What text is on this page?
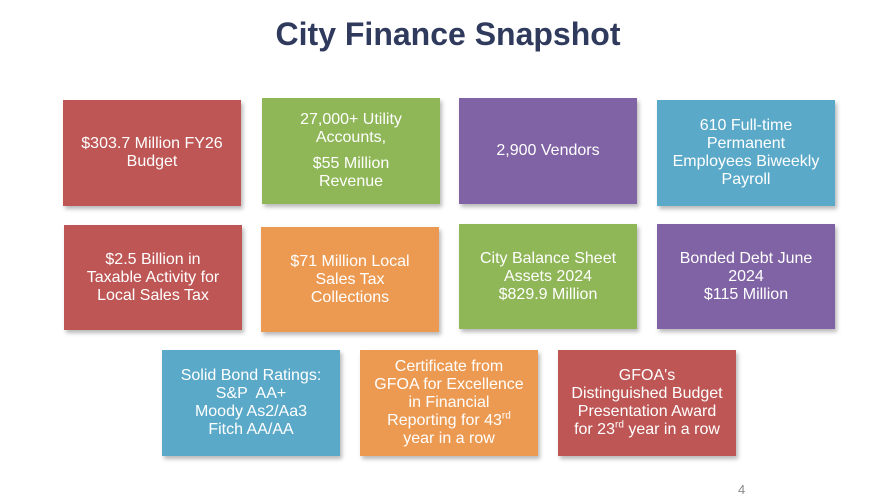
City Finance Snapshot
$303.7 Million FY26
Budget
27,000+ Utility
Accounts,
$55 Million
Revenue
2,900 Vendors
610 Full-time
Permanent
Employees Biweekly
Payroll
$2.5 Billion in
Taxable Activity for
Local Sales Tax
$71 Million Local
Sales Tax
Collections
City Balance Sheet
Assets 2024
$829.9 Million
Bonded Debt June
2024
$115 Million
Solid Bond Ratings:
S&P  AA+
Moody As2/Aa3
Fitch AA/AA
Certificate from
GFOA for Excellence
in Financial
Reporting for 43rd
year in a row
GFOA's
Distinguished Budget
Presentation Award
for 23rd year in a row
4
